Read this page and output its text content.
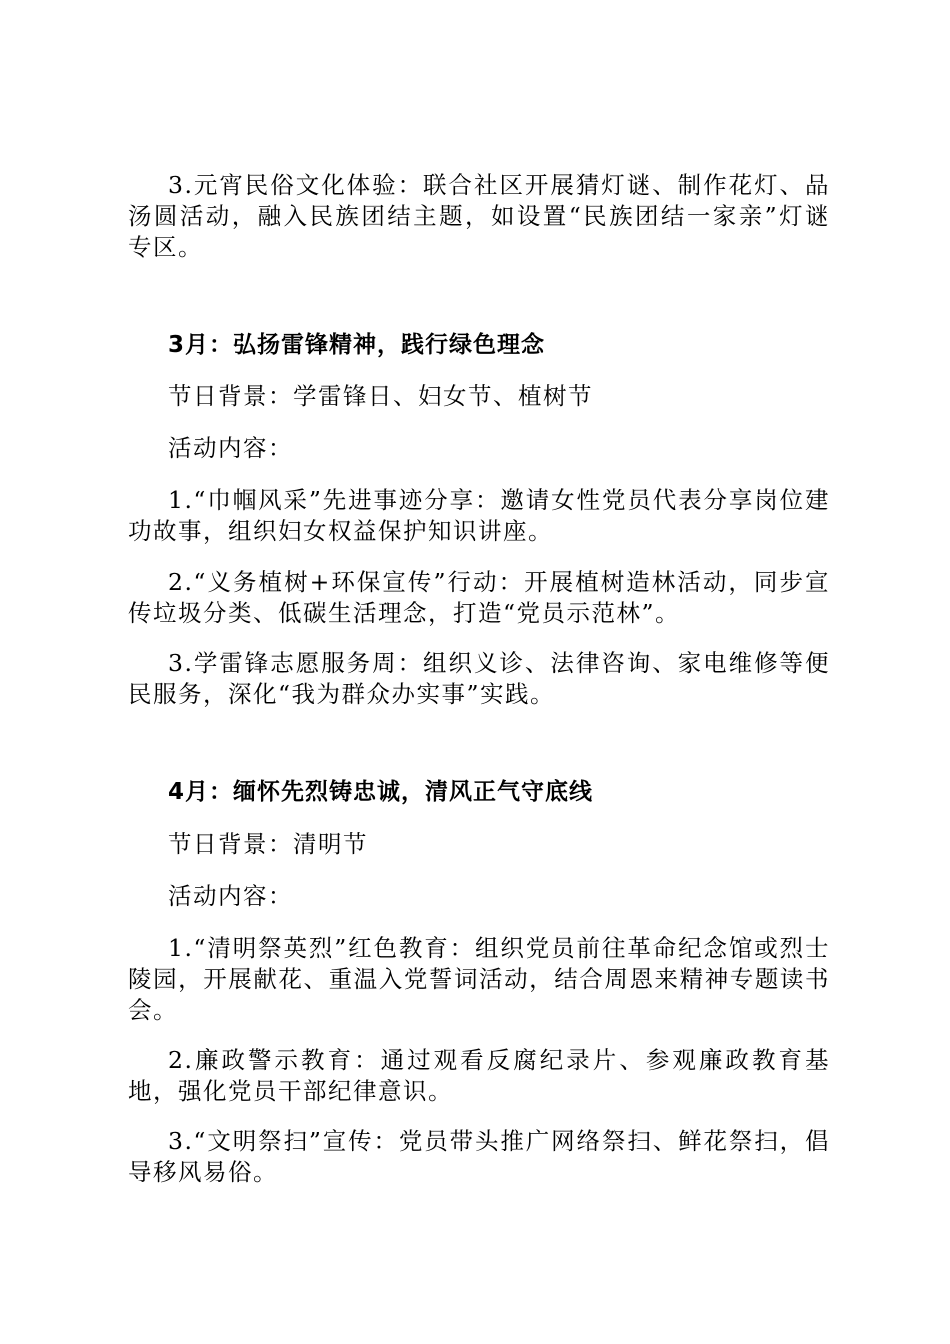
3.元宵民俗文化体验：联合社区开展猜灯谜、制作花灯、品汤圆活动，融入民族团结主题，如设置“民族团结一家亲”灯谜专区。

3月：弘扬雷锋精神，践行绿色理念

节日背景：学雷锋日、妇女节、植树节

活动内容：

1.“巾帼风采”先进事迹分享：邀请女性党员代表分享岗位建功故事，组织妇女权益保护知识讲座。

2.“义务植树+环保宣传”行动：开展植树造林活动，同步宣传垃圾分类、低碳生活理念，打造“党员示范林”。

3.学雷锋志愿服务周：组织义诊、法律咨询、家电维修等便民服务，深化“我为群众办实事”实践。

4月：缅怀先烈铸忠诚，清风正气守底线

节日背景：清明节

活动内容：

1.“清明祭英烈”红色教育：组织党员前往革命纪念馆或烈士陵园，开展献花、重温入党誓词活动，结合周恩来精神专题读书会。

2.廉政警示教育：通过观看反腐纪录片、参观廉政教育基地，强化党员干部纪律意识。

3.“文明祭扫”宣传：党员带头推广网络祭扫、鲜花祭扫，倡导移风易俗。
